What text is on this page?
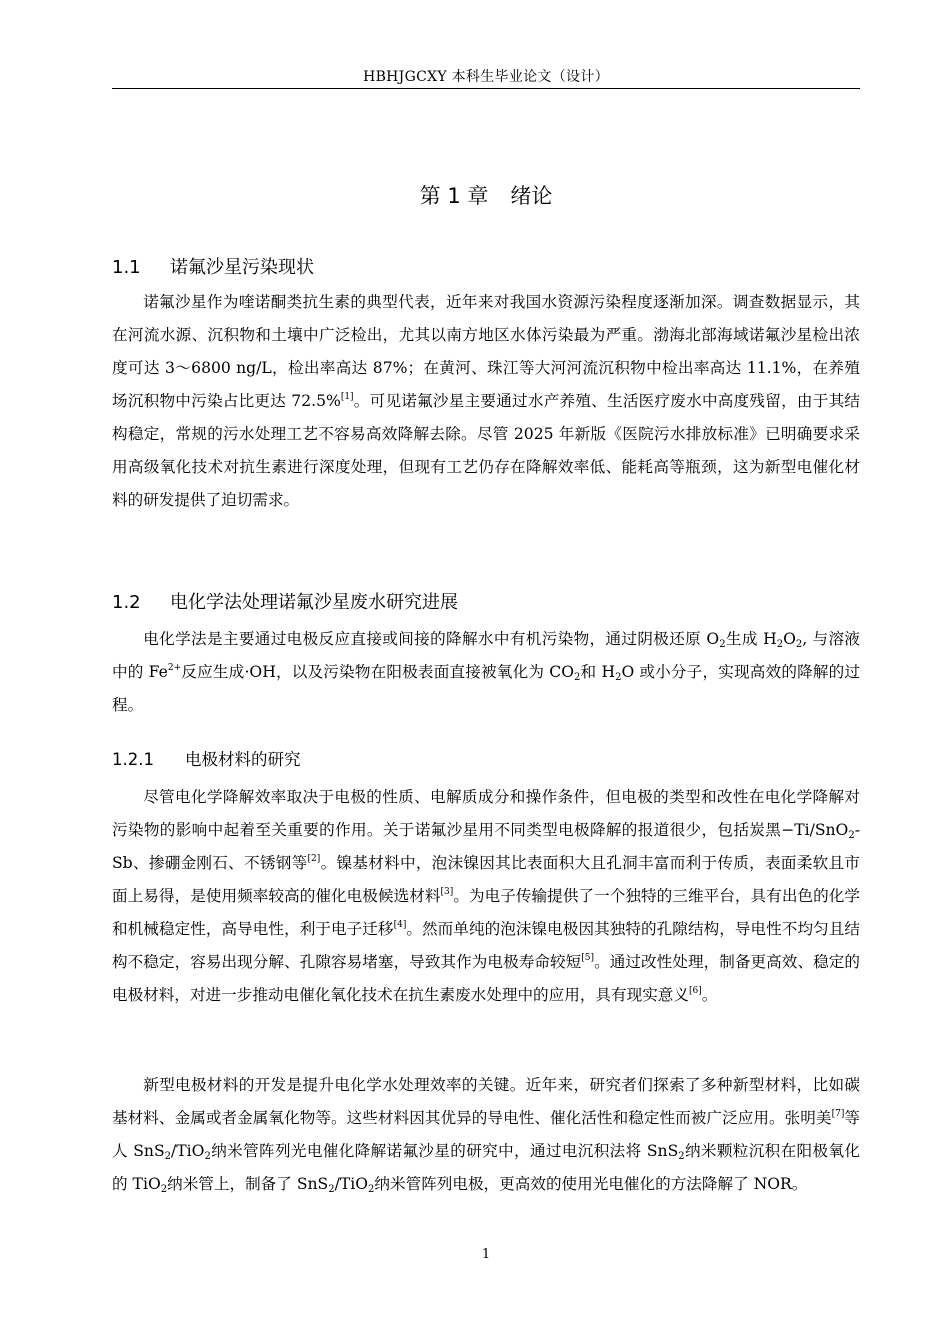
HBHJGCXY 本科生毕业论文（设计）
第 1 章 绪论
1.1 诺氟沙星污染现状

诺氟沙星作为喹诺酮类抗生素的典型代表，近年来对我国水资源污染程度逐渐加深。调查数据显示，其在河流水源、沉积物和土壤中广泛检出，尤其以南方地区水体污染最为严重。渤海北部海域诺氟沙星检出浓度可达 3～6800 ng/L，检出率高达 87%；在黄河、珠江等大河河流沉积物中检出率高达 11.1%，在养殖场沉积物中污染占比更达 72.5%[1]。可见诺氟沙星主要通过水产养殖、生活医疗废水中高度残留，由于其结构稳定，常规的污水处理工艺不容易高效降解去除。尽管 2025 年新版《医院污水排放标准》已明确要求采用高级氧化技术对抗生素进行深度处理，但现有工艺仍存在降解效率低、能耗高等瓶颈，这为新型电催化材料的研发提供了迫切需求。

1.2 电化学法处理诺氟沙星废水研究进展

电化学法是主要通过电极反应直接或间接的降解水中有机污染物，通过阴极还原 $O_2$生成 $H_2O_2$, 与溶液中的 $Fe^{2+}$反应生成·OH，以及污染物在阳极表面直接被氧化为 $CO_2$和 $H_2O$ 或小分子，实现高效的降解的过程。

1.2.1 电极材料的研究

尽管电化学降解效率取决于电极的性质、电解质成分和操作条件，但电极的类型和改性在电化学降解对污染物的影响中起着至关重要的作用。关于诺氟沙星用不同类型电极降解的报道很少，包括炭黑−Ti/SnO$_2$-Sb、掺硼金刚石、不锈钢等[2]。镍基材料中，泡沫镍因其比表面积大且孔洞丰富而利于传质，表面柔软且市面上易得，是使用频率较高的催化电极候选材料[3]。为电子传输提供了一个独特的三维平台，具有出色的化学和机械稳定性，高导电性，利于电子迁移[4]。然而单纯的泡沫镍电极因其独特的孔隙结构，导电性不均匀且结构不稳定，容易出现分解、孔隙容易堵塞，导致其作为电极寿命较短[5]。通过改性处理，制备更高效、稳定的电极材料，对进一步推动电催化氧化技术在抗生素废水处理中的应用，具有现实意义[6]。

新型电极材料的开发是提升电化学水处理效率的关键。近年来，研究者们探索了多种新型材料，比如碳基材料、金属或者金属氧化物等。这些材料因其优异的导电性、催化活性和稳定性而被广泛应用。张明美[7]等人 SnS$_2$/TiO$_2$纳米管阵列光电催化降解诺氟沙星的研究中，通过电沉积法将 SnS$_2$纳米颗粒沉积在阳极氧化的 TiO$_2$纳米管上，制备了 SnS$_2$/TiO$_2$纳米管阵列电极，更高效的使用光电催化的方法降解了 NOR。

1
